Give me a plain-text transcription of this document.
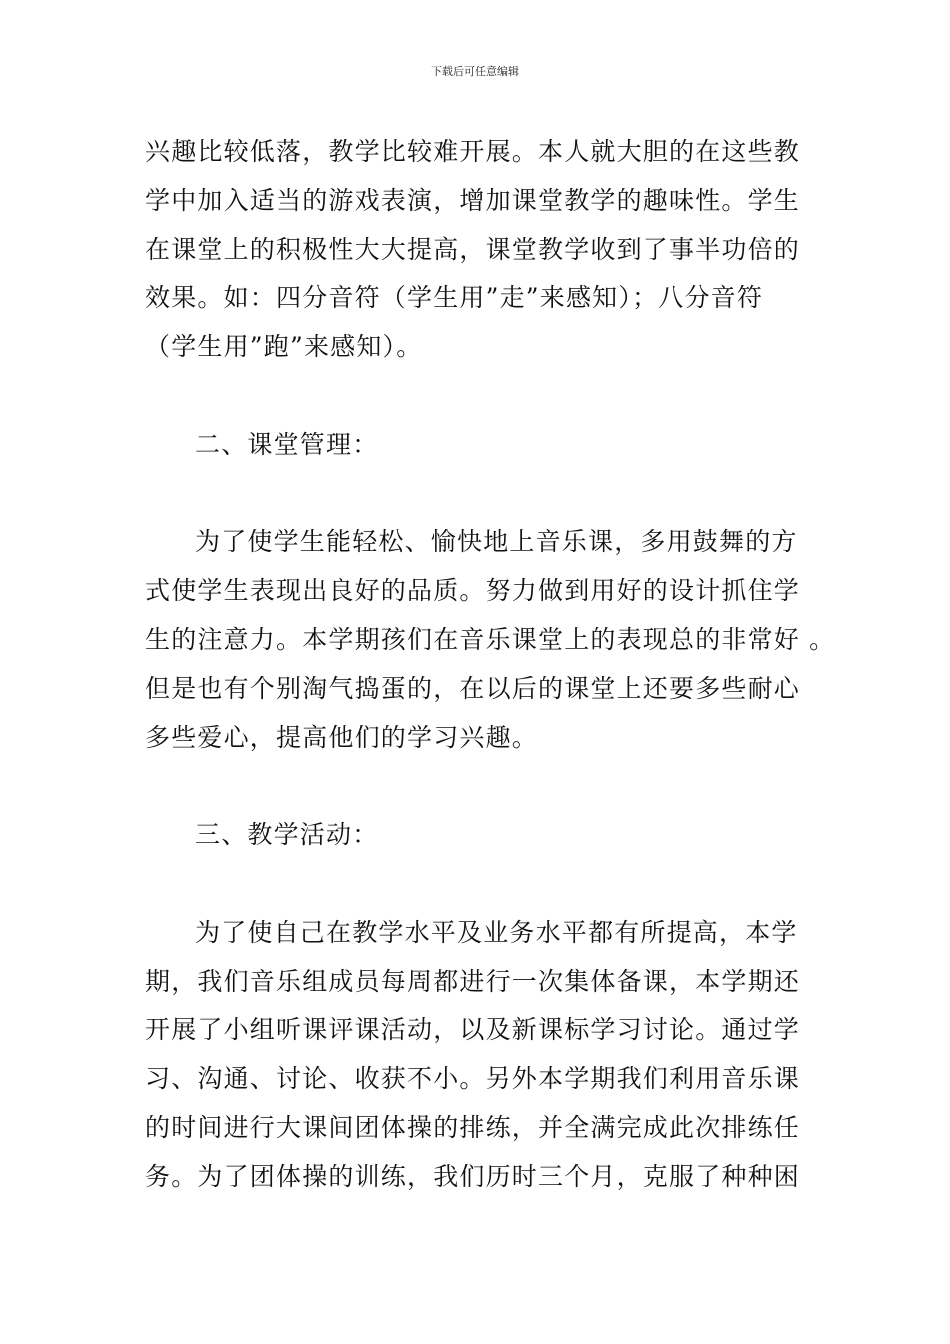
下载后可任意编辑
兴趣比较低落，教学比较难开展。本人就大胆的在这些教
学中加入适当的游戏表演，增加课堂教学的趣味性。学生
在课堂上的积极性大大提高，课堂教学收到了事半功倍的
效果。如：四分音符（学生用”走”来感知）；八分音符
（学生用”跑”来感知）。
二、课堂管理：
为了使学生能轻松、愉快地上音乐课，多用鼓舞的方
式使学生表现出良好的品质。努力做到用好的设计抓住学
生的注意力。本学期孩们在音乐课堂上的表现总的非常好 。
但是也有个别淘气捣蛋的，在以后的课堂上还要多些耐心
多些爱心，提高他们的学习兴趣。
三、教学活动：
为了使自己在教学水平及业务水平都有所提高，本学
期，我们音乐组成员每周都进行一次集体备课，本学期还
开展了小组听课评课活动，以及新课标学习讨论。通过学
习、沟通、讨论、收获不小。另外本学期我们利用音乐课
的时间进行大课间团体操的排练，并全满完成此次排练任
务。为了团体操的训练，我们历时三个月，克服了种种困
